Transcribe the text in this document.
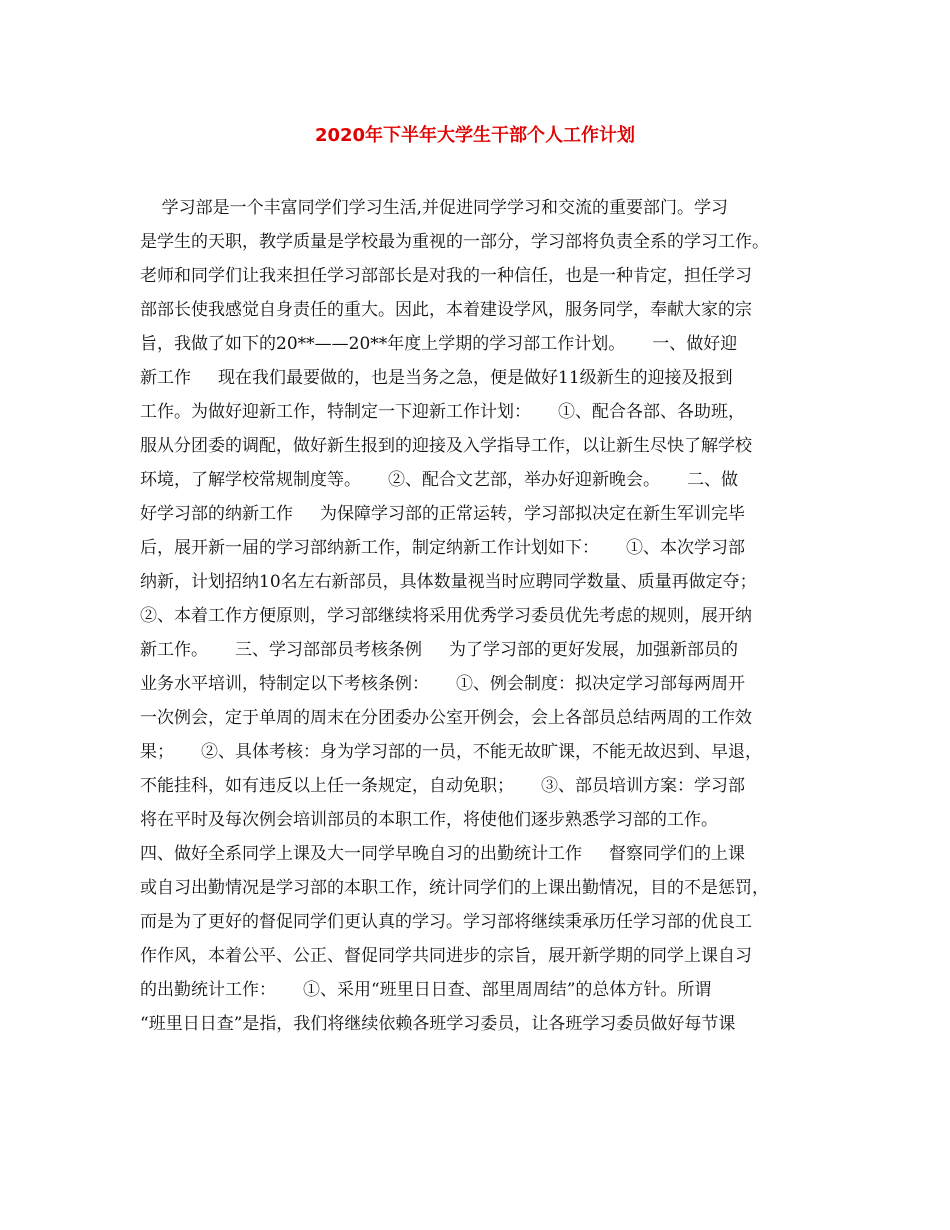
2020年下半年大学生干部个人工作计划

学习部是一个丰富同学们学习生活,并促进同学学习和交流的重要部门。学习

是学生的天职，教学质量是学校最为重视的一部分，学习部将负责全系的学习工作。

老师和同学们让我来担任学习部部长是对我的一种信任，也是一种肯定，担任学习

部部长使我感觉自身责任的重大。因此，本着建设学风，服务同学，奉献大家的宗

旨，我做了如下的20**——20**年度上学期的学习部工作计划。     一、做好迎

新工作     现在我们最要做的，也是当务之急，便是做好11级新生的迎接及报到

工作。为做好迎新工作，特制定一下迎新工作计划：     ①、配合各部、各助班，

服从分团委的调配，做好新生报到的迎接及入学指导工作，以让新生尽快了解学校

环境，了解学校常规制度等。     ②、配合文艺部，举办好迎新晚会。     二、做

好学习部的纳新工作     为保障学习部的正常运转，学习部拟决定在新生军训完毕

后，展开新一届的学习部纳新工作，制定纳新工作计划如下：     ①、本次学习部

纳新，计划招纳10名左右新部员，具体数量视当时应聘同学数量、质量再做定夺；

②、本着工作方便原则，学习部继续将采用优秀学习委员优先考虑的规则，展开纳

新工作。     三、学习部部员考核条例     为了学习部的更好发展，加强新部员的

业务水平培训，特制定以下考核条例：     ①、例会制度：拟决定学习部每两周开

一次例会，定于单周的周末在分团委办公室开例会，会上各部员总结两周的工作效

果；     ②、具体考核：身为学习部的一员，不能无故旷课，不能无故迟到、早退，

不能挂科，如有违反以上任一条规定，自动免职；     ③、部员培训方案：学习部

将在平时及每次例会培训部员的本职工作，将使他们逐步熟悉学习部的工作。

四、做好全系同学上课及大一同学早晚自习的出勤统计工作     督察同学们的上课

或自习出勤情况是学习部的本职工作，统计同学们的上课出勤情况，目的不是惩罚，

而是为了更好的督促同学们更认真的学习。学习部将继续秉承历任学习部的优良工

作作风，本着公平、公正、督促同学共同进步的宗旨，展开新学期的同学上课自习

的出勤统计工作：     ①、采用“班里日日查、部里周周结”的总体方针。所谓

“班里日日查”是指，我们将继续依赖各班学习委员，让各班学习委员做好每节课
